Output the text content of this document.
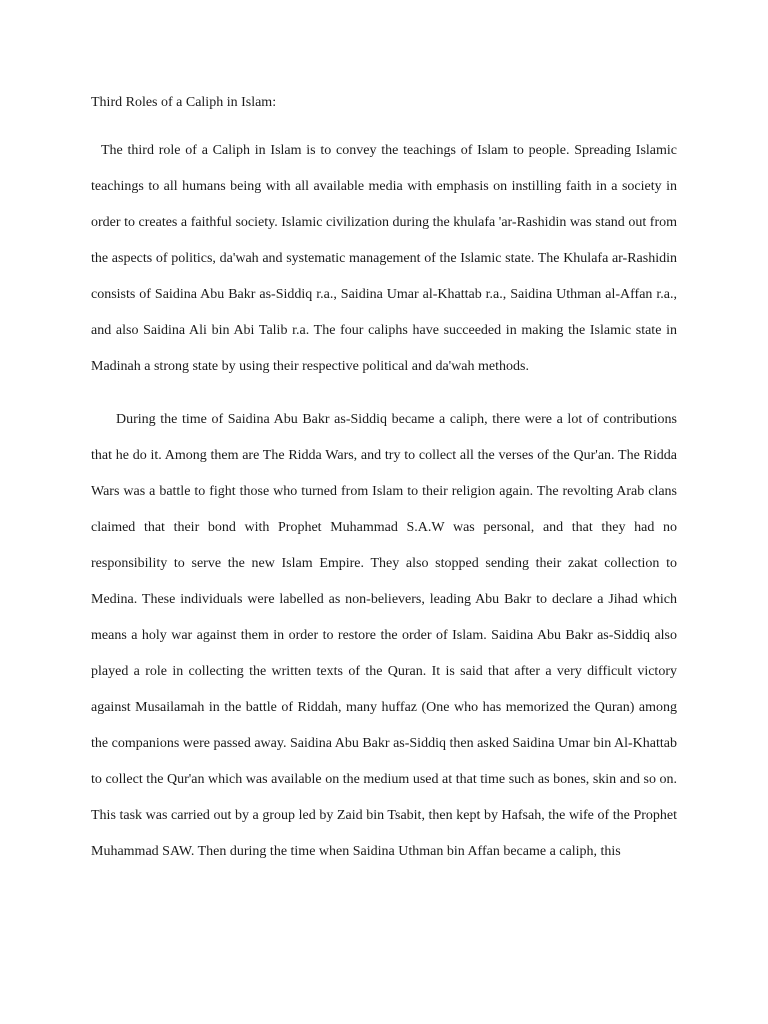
Third Roles of a Caliph in Islam:

The third role of a Caliph in Islam is to convey the teachings of Islam to people. Spreading Islamic teachings to all humans being with all available media with emphasis on instilling faith in a society in order to creates a faithful society. Islamic civilization during the khulafa 'ar-Rashidin was stand out from the aspects of politics, da'wah and systematic management of the Islamic state. The Khulafa ar-Rashidin consists of Saidina Abu Bakr as-Siddiq r.a., Saidina Umar al-Khattab r.a., Saidina Uthman al-Affan r.a., and also Saidina Ali bin Abi Talib r.a. The four caliphs have succeeded in making the Islamic state in Madinah a strong state by using their respective political and da'wah methods.

During the time of Saidina Abu Bakr as-Siddiq became a caliph, there were a lot of contributions that he do it. Among them are The Ridda Wars, and try to collect all the verses of the Qur'an. The Ridda Wars was a battle to fight those who turned from Islam to their religion again. The revolting Arab clans claimed that their bond with Prophet Muhammad S.A.W was personal, and that they had no responsibility to serve the new Islam Empire. They also stopped sending their zakat collection to Medina. These individuals were labelled as non-believers, leading Abu Bakr to declare a Jihad which means a holy war against them in order to restore the order of Islam. Saidina Abu Bakr as-Siddiq also played a role in collecting the written texts of the Quran. It is said that after a very difficult victory against Musailamah in the battle of Riddah, many huffaz (One who has memorized the Quran) among the companions were passed away. Saidina Abu Bakr as-Siddiq then asked Saidina Umar bin Al-Khattab to collect the Qur'an which was available on the medium used at that time such as bones, skin and so on. This task was carried out by a group led by Zaid bin Tsabit, then kept by Hafsah, the wife of the Prophet Muhammad SAW. Then during the time when Saidina Uthman bin Affan became a caliph, this
